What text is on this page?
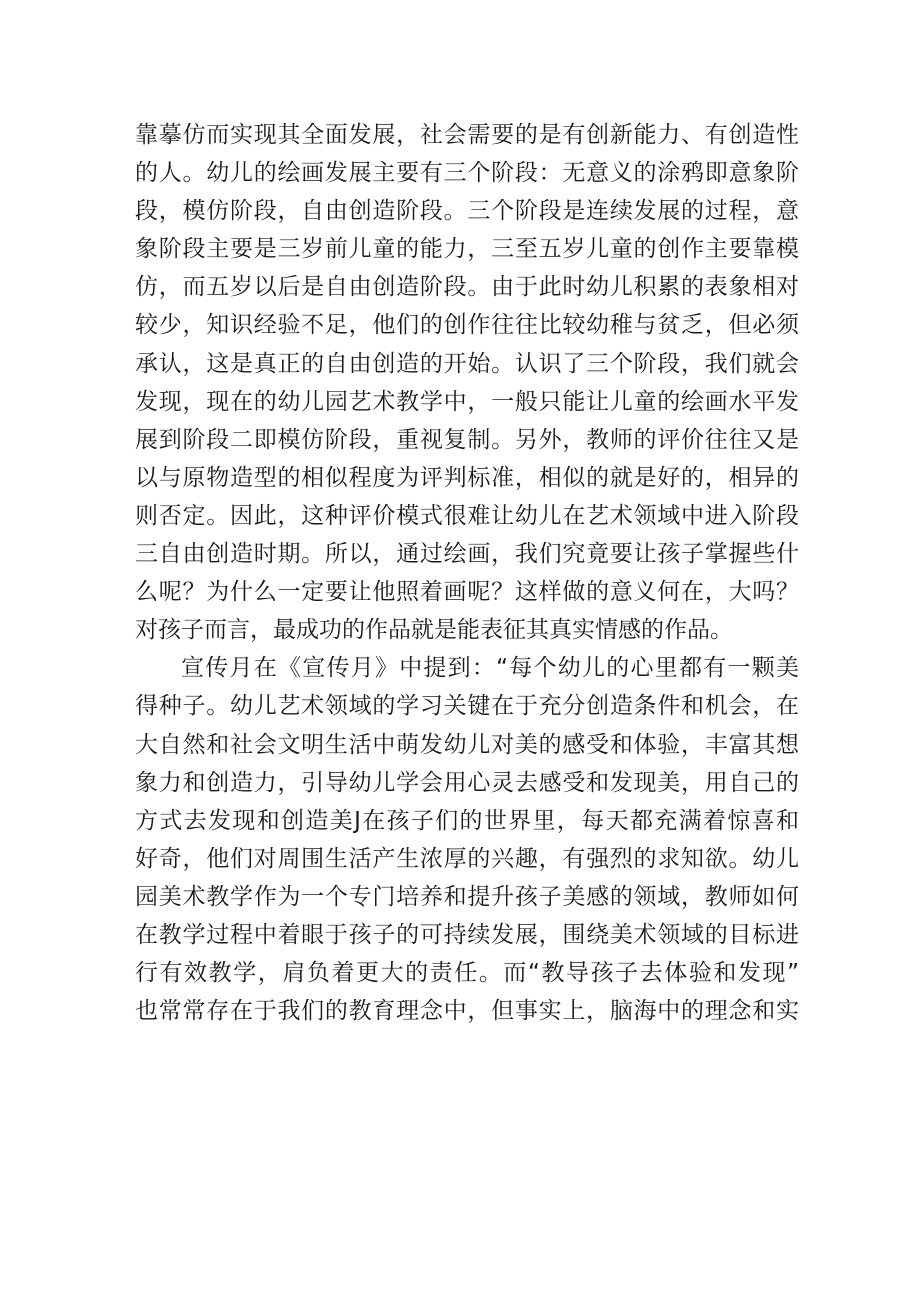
靠摹仿而实现其全面发展，社会需要的是有创新能力、有创造性
的人。幼儿的绘画发展主要有三个阶段：无意义的涂鸦即意象阶
段，模仿阶段，自由创造阶段。三个阶段是连续发展的过程，意
象阶段主要是三岁前儿童的能力，三至五岁儿童的创作主要靠模
仿，而五岁以后是自由创造阶段。由于此时幼儿积累的表象相对
较少，知识经验不足，他们的创作往往比较幼稚与贫乏，但必须
承认，这是真正的自由创造的开始。认识了三个阶段，我们就会
发现，现在的幼儿园艺术教学中，一般只能让儿童的绘画水平发
展到阶段二即模仿阶段，重视复制。另外，教师的评价往往又是
以与原物造型的相似程度为评判标准，相似的就是好的，相异的
则否定。因此，这种评价模式很难让幼儿在艺术领域中进入阶段
三自由创造时期。所以，通过绘画，我们究竟要让孩子掌握些什
么呢？为什么一定要让他照着画呢？这样做的意义何在，大吗？
对孩子而言，最成功的作品就是能表征其真实情感的作品。
宣传月在《宣传月》中提到：“每个幼儿的心里都有一颗美
得种子。幼儿艺术领域的学习关键在于充分创造条件和机会，在
大自然和社会文明生活中萌发幼儿对美的感受和体验，丰富其想
象力和创造力，引导幼儿学会用心灵去感受和发现美，用自己的
方式去发现和创造美J在孩子们的世界里，每天都充满着惊喜和
好奇，他们对周围生活产生浓厚的兴趣，有强烈的求知欲。幼儿
园美术教学作为一个专门培养和提升孩子美感的领域，教师如何
在教学过程中着眼于孩子的可持续发展，围绕美术领域的目标进
行有效教学，肩负着更大的责任。而“教导孩子去体验和发现”
也常常存在于我们的教育理念中，但事实上，脑海中的理念和实
